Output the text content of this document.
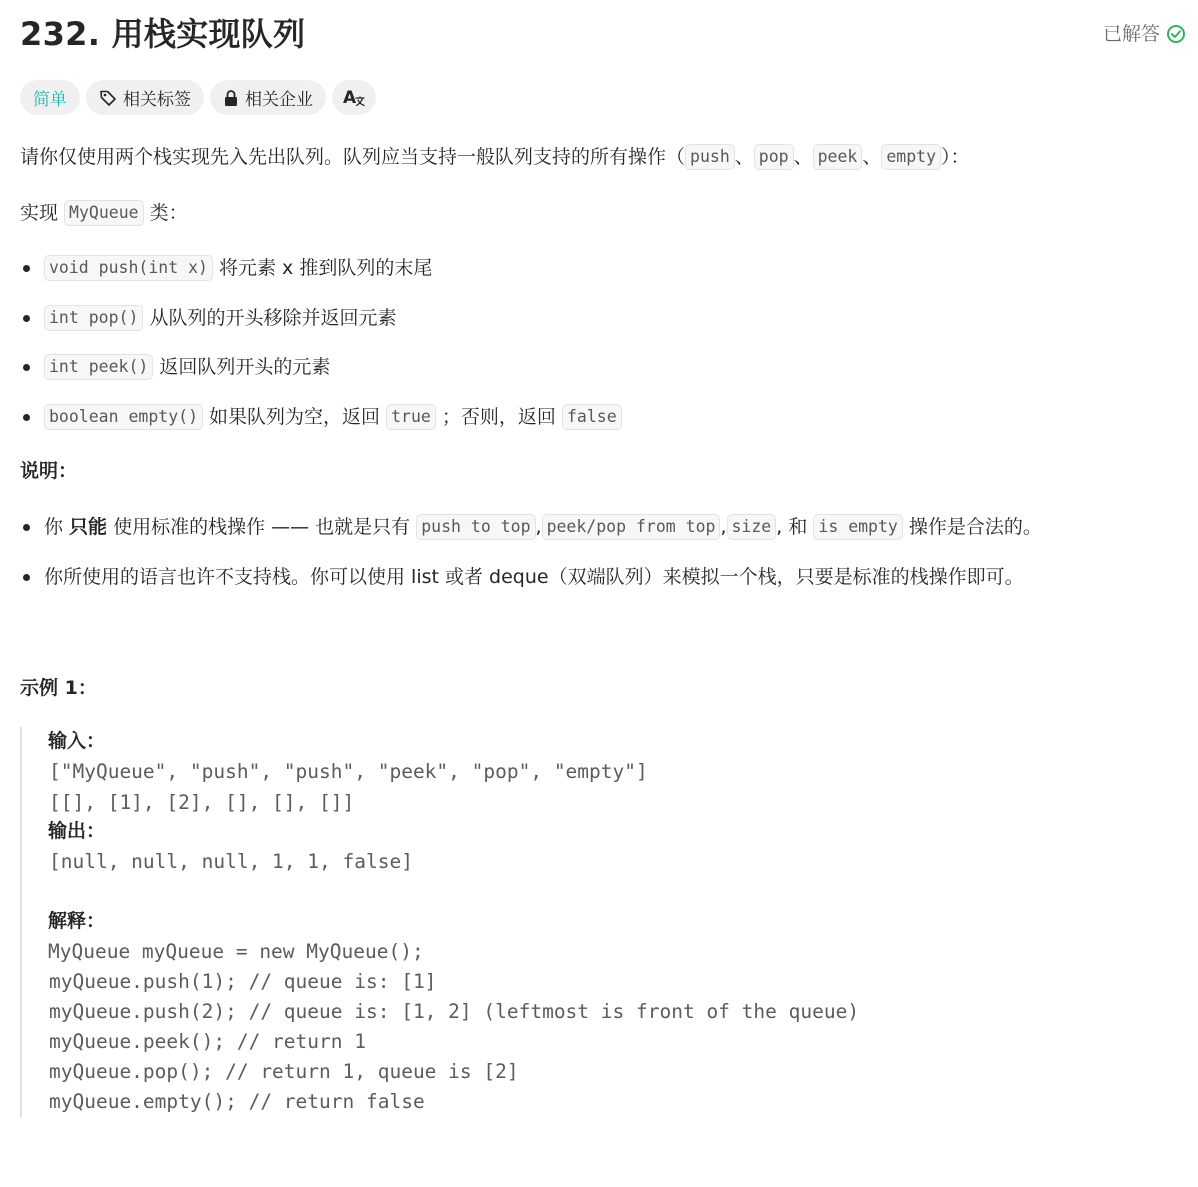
232. 用栈实现队列	已解答
简单	相关标签	相关企业 A
请你仅使用两个栈实现先入先出队列。队列应当支持一般队列支持的所有操作（ push 、 pop 、 peek 、 empty ）：
实现 MyQueue 类：
void push(int x) 将元素 x 推到队列的末尾
int pop() 从队列的开头移除并返回元素
int peek() 返回队列开头的元素
boolean empty() 如果队列为空，返回 true ；否则，返回 false
说明：
你 只能 使用标准的栈操作 —— 也就是只有 push to top , peek/pop from top , size , 和 is empty 操作是合法的。
你所使用的语言也许不支持栈。你可以使用 list 或者 deque（双端队列）来模拟一个栈，只要是标准的栈操作即可。
示例 1：
输入：
["MyQueue", "push", "push", "peek", "pop", "empty"]
[[], [1], [2], [], [], []]
输出：
[null, null, null, 1, 1, false]
解释：
MyQueue myQueue = new MyQueue();
myQueue.push(1); // queue is: [1]
myQueue.push(2); // queue is: [1, 2] (leftmost is front of the queue)
myQueue.peek(); // return 1
myQueue.pop(); // return 1, queue is [2]
myQueue.empty(); // return false
